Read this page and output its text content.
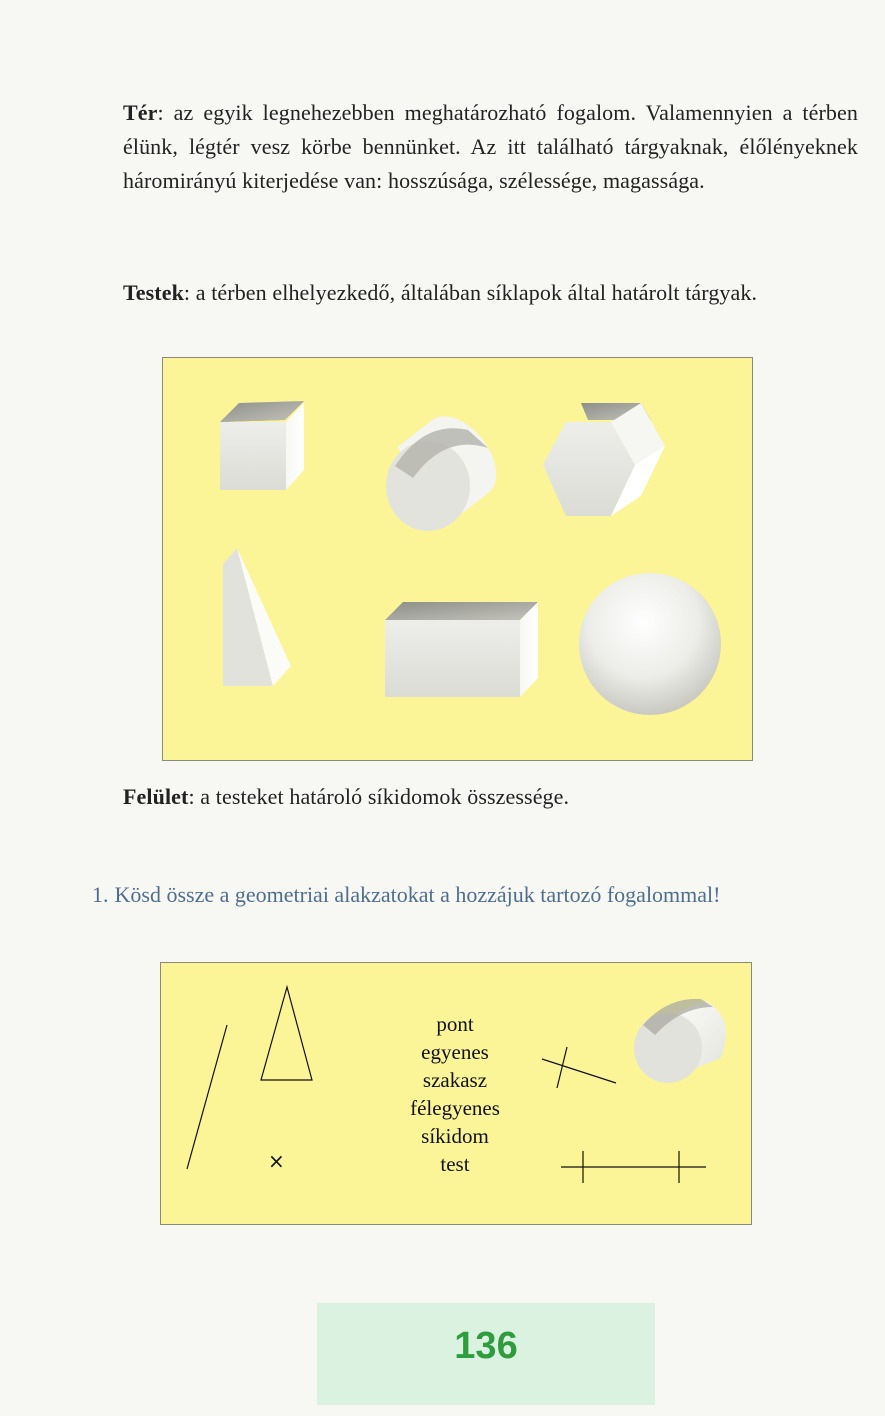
Tér: az egyik legnehezebben meghatározható fogalom. Valamennyien a térben élünk, légtér vesz körbe bennünket. Az itt található tárgyaknak, élőlényeknek háromirányú kiterjedése van: hosszúsága, szélessége, magassága.
Testek: a térben elhelyezkedő, általában síklapok által határolt tárgyak.
Felület: a testeket határoló síkidomok összessége.
1. Kösd össze a geometriai alakzatokat a hozzájuk tartozó fogalommal!
×
pont
egyenes
szakasz
félegyenes
síkidom
test
136
